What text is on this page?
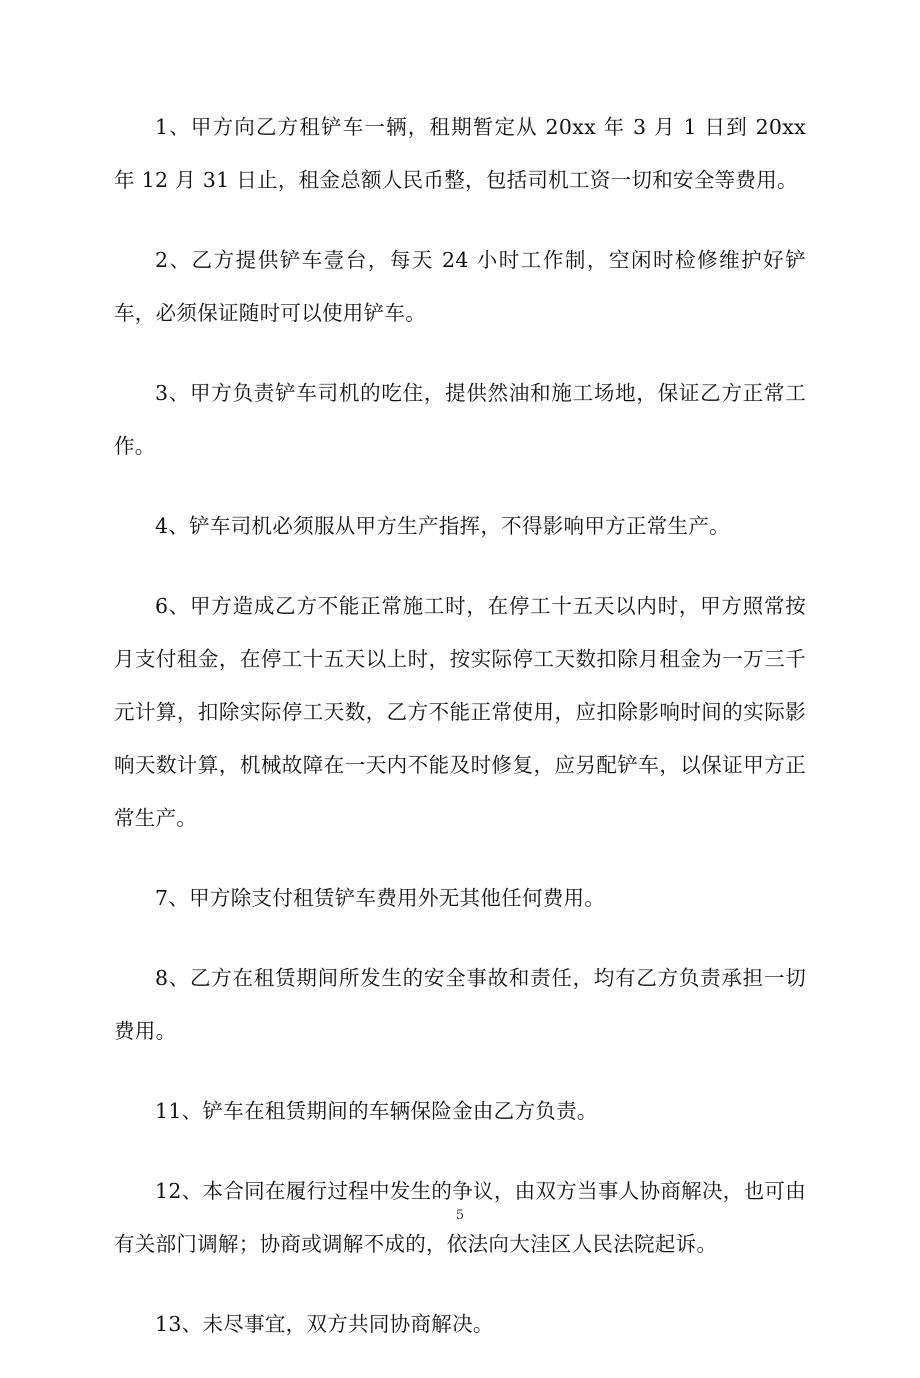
1、甲方向乙方租铲车一辆，租期暂定从 20xx 年 3 月 1 日到 20xx 年 12 月 31 日止，租金总额人民币整，包括司机工资一切和安全等费用。

2、乙方提供铲车壹台，每天 24 小时工作制，空闲时检修维护好铲车，必须保证随时可以使用铲车。

3、甲方负责铲车司机的吃住，提供然油和施工场地，保证乙方正常工作。

4、铲车司机必须服从甲方生产指挥，不得影响甲方正常生产。

6、甲方造成乙方不能正常施工时，在停工十五天以内时，甲方照常按月支付租金，在停工十五天以上时，按实际停工天数扣除月租金为一万三千元计算，扣除实际停工天数，乙方不能正常使用，应扣除影响时间的实际影响天数计算，机械故障在一天内不能及时修复，应另配铲车，以保证甲方正常生产。

7、甲方除支付租赁铲车费用外无其他任何费用。

8、乙方在租赁期间所发生的安全事故和责任，均有乙方负责承担一切费用。

11、铲车在租赁期间的车辆保险金由乙方负责。

12、本合同在履行过程中发生的争议，由双方当事人协商解决，也可由有关部门调解；协商或调解不成的，依法向大洼区人民法院起诉。

13、未尽事宜，双方共同协商解决。

5
